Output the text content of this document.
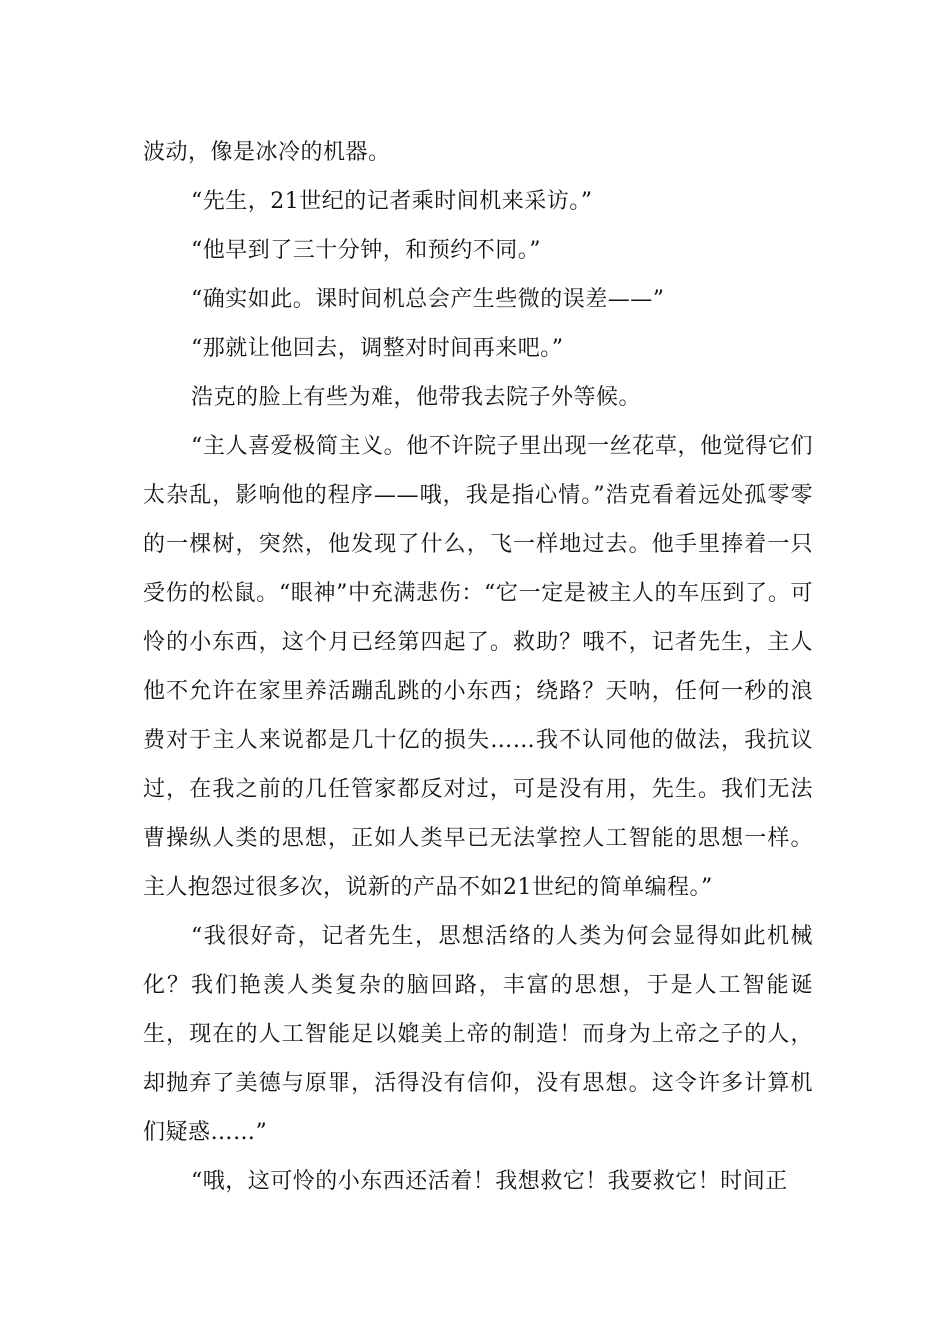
波动，像是冰冷的机器。

“先生，21世纪的记者乘时间机来采访。”

“他早到了三十分钟，和预约不同。”

“确实如此。课时间机总会产生些微的误差——”

“那就让他回去，调整对时间再来吧。”

浩克的脸上有些为难，他带我去院子外等候。

“主人喜爱极简主义。他不许院子里出现一丝花草，他觉得它们太杂乱，影响他的程序——哦，我是指心情。”浩克看着远处孤零零的一棵树，突然，他发现了什么，飞一样地过去。他手里捧着一只受伤的松鼠。“眼神”中充满悲伤：“它一定是被主人的车压到了。可怜的小东西，这个月已经第四起了。救助？哦不，记者先生，主人他不允许在家里养活蹦乱跳的小东西；绕路？天呐，任何一秒的浪费对于主人来说都是几十亿的损失……我不认同他的做法，我抗议过，在我之前的几任管家都反对过，可是没有用，先生。我们无法曹操纵人类的思想，正如人类早已无法掌控人工智能的思想一样。主人抱怨过很多次，说新的产品不如21世纪的简单编程。”

“我很好奇，记者先生，思想活络的人类为何会显得如此机械化？我们艳羡人类复杂的脑回路，丰富的思想，于是人工智能诞生，现在的人工智能足以媲美上帝的制造！而身为上帝之子的人，却抛弃了美德与原罪，活得没有信仰，没有思想。这令许多计算机们疑惑……”

“哦，这可怜的小东西还活着！我想救它！我要救它！时间正
